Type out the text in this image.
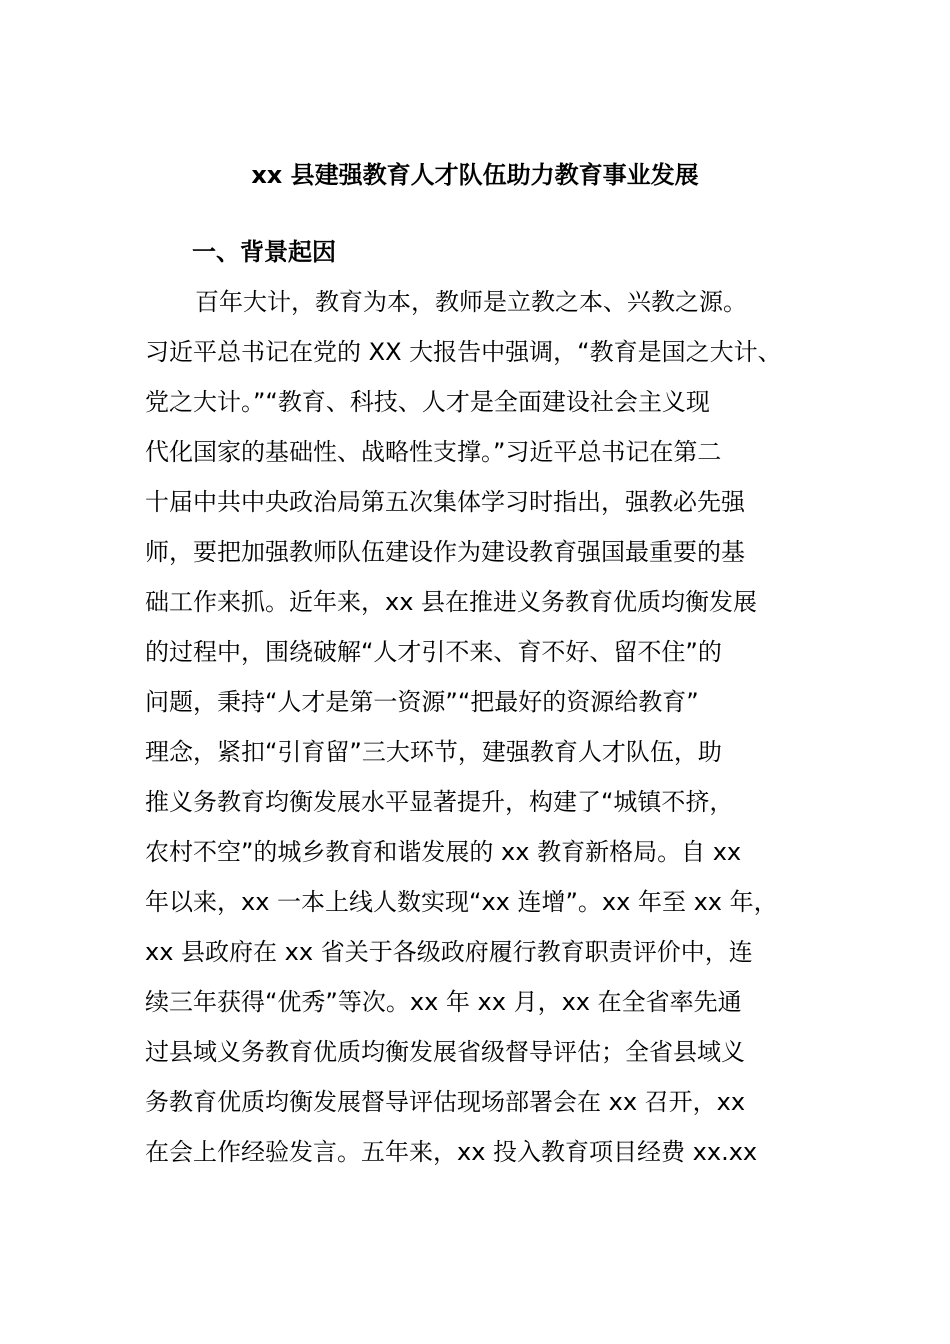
xx 县建强教育人才队伍助力教育事业发展
一、背景起因
百年大计，教育为本，教师是立教之本、兴教之源。
习近平总书记在党的 XX 大报告中强调，“教育是国之大计、
党之大计。”“教育、科技、人才是全面建设社会主义现
代化国家的基础性、战略性支撑。”习近平总书记在第二
十届中共中央政治局第五次集体学习时指出，强教必先强
师，要把加强教师队伍建设作为建设教育强国最重要的基
础工作来抓。近年来，xx 县在推进义务教育优质均衡发展
的过程中，围绕破解“人才引不来、育不好、留不住”的
问题，秉持“人才是第一资源”“把最好的资源给教育”
理念，紧扣“引育留”三大环节，建强教育人才队伍，助
推义务教育均衡发展水平显著提升，构建了“城镇不挤，
农村不空”的城乡教育和谐发展的 xx 教育新格局。自 xx
年以来，xx 一本上线人数实现“xx 连增”。xx 年至 xx 年，
xx 县政府在 xx 省关于各级政府履行教育职责评价中，连
续三年获得“优秀”等次。xx 年 xx 月，xx 在全省率先通
过县域义务教育优质均衡发展省级督导评估；全省县域义
务教育优质均衡发展督导评估现场部署会在 xx 召开，xx
在会上作经验发言。五年来，xx 投入教育项目经费 xx.xx
